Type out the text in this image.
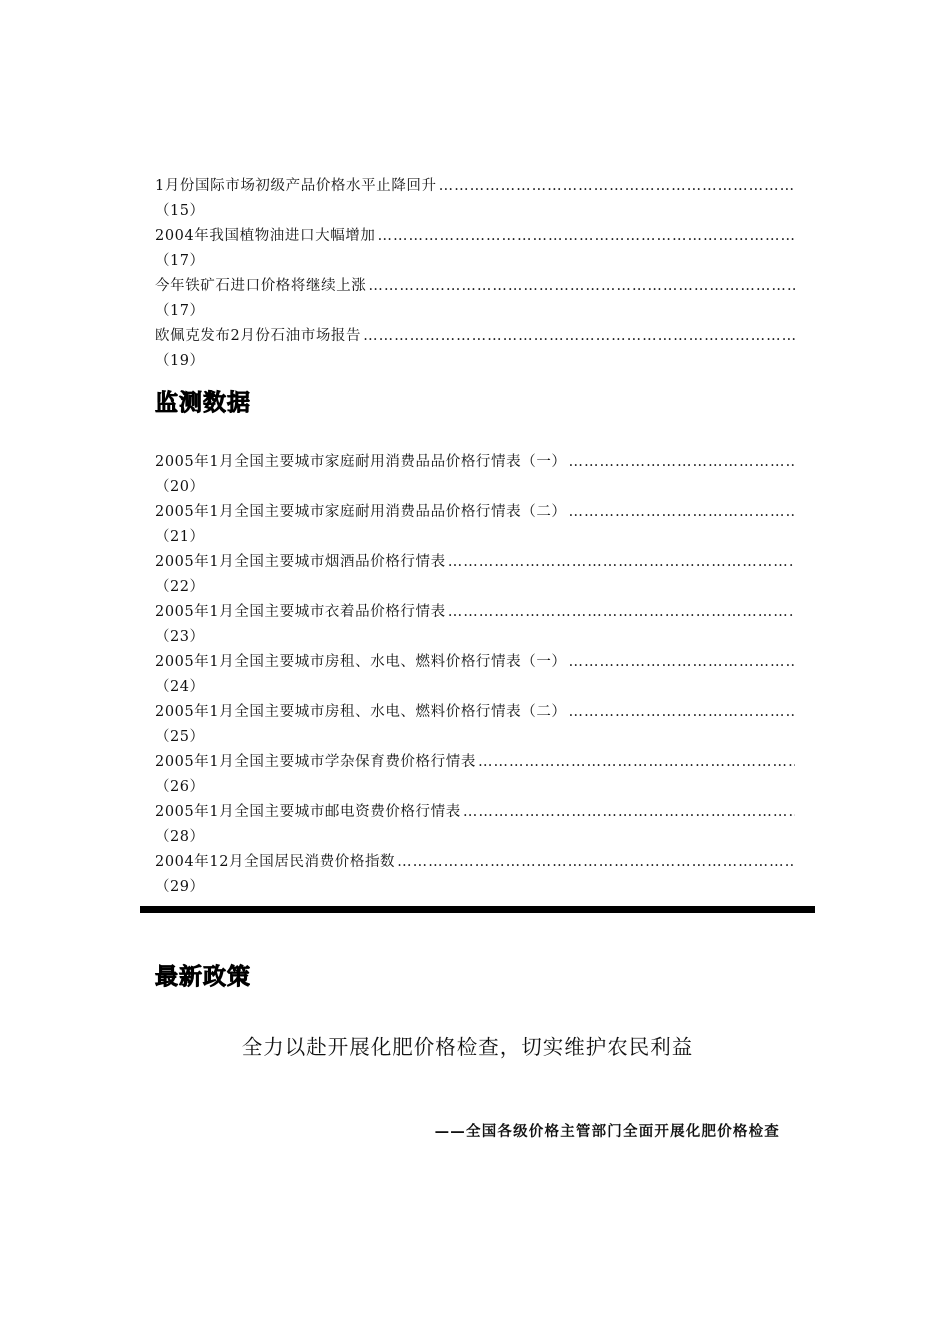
1月份国际市场初级产品价格水平止降回升
……………………………………………………………………………………………………………………………………………………………………………
（15）
2004年我国植物油进口大幅增加
……………………………………………………………………………………………………………………………………………………………………………
（17）
今年铁矿石进口价格将继续上涨
……………………………………………………………………………………………………………………………………………………………………………
（17）
欧佩克发布2月份石油市场报告
……………………………………………………………………………………………………………………………………………………………………………
（19）
监测数据
2005年1月全国主要城市家庭耐用消费品品价格行情表（一）
……………………………………………………………………………………………………………………………………………………………………………
（20）
2005年1月全国主要城市家庭耐用消费品品价格行情表（二）
……………………………………………………………………………………………………………………………………………………………………………
（21）
2005年1月全国主要城市烟酒品价格行情表
……………………………………………………………………………………………………………………………………………………………………………
（22）
2005年1月全国主要城市衣着品价格行情表
……………………………………………………………………………………………………………………………………………………………………………
（23）
2005年1月全国主要城市房租、水电、燃料价格行情表（一）
……………………………………………………………………………………………………………………………………………………………………………
（24）
2005年1月全国主要城市房租、水电、燃料价格行情表（二）
……………………………………………………………………………………………………………………………………………………………………………
（25）
2005年1月全国主要城市学杂保育费价格行情表
……………………………………………………………………………………………………………………………………………………………………………
（26）
2005年1月全国主要城市邮电资费价格行情表
……………………………………………………………………………………………………………………………………………………………………………
（28）
2004年12月全国居民消费价格指数
……………………………………………………………………………………………………………………………………………………………………………
（29）
最新政策
全力以赴开展化肥价格检查，切实维护农民利益
——全国各级价格主管部门全面开展化肥价格检查
